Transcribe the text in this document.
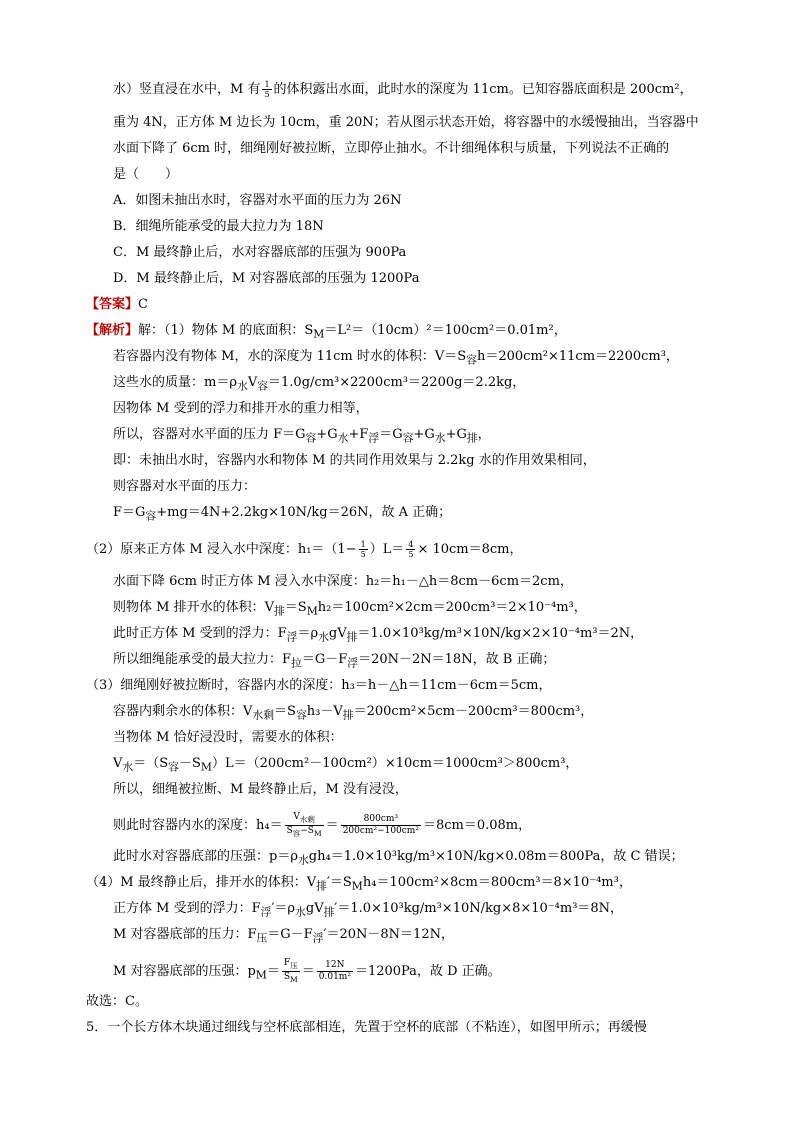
水）竖直浸在水中，M 有 $\frac{1}{5}$ 的体积露出水面，此时水的深度为 11cm。已知容器底面积是 200cm²，
重为 4N，正方体 M 边长为 10cm，重 20N；若从图示状态开始，将容器中的水缓慢抽出，当容器中
水面下降了 6cm 时，细绳刚好被拉断，立即停止抽水。不计细绳体积与质量，下列说法不正确的
是（　　）
A．如图未抽出水时，容器对水平面的压力为 26N
B．细绳所能承受的最大拉力为 18N
C．M 最终静止后，水对容器底部的压强为 900Pa
D．M 最终静止后，M 对容器底部的压强为 1200Pa
【答案】C
【解析】解：（1）物体 M 的底面积：$S_M=L^2=(10cm)^2=100cm^2=0.01m^2$，
若容器内没有物体 M，水的深度为 11cm 时水的体积：$V=S_容h=200cm^2\times 11cm=2200cm^3$，
这些水的质量：$m=\rho_水V_容=1.0g/cm^3\times 2200cm^3=2200g=2.2kg$，
因物体 M 受到的浮力和排开水的重力相等，
所以，容器对水平面的压力 $F=G_容+G_水+F_浮=G_容+G_水+G_排$，
即：未抽出水时，容器内水和物体 M 的共同作用效果与 2.2kg 水的作用效果相同，
则容器对水平面的压力：
$F=G_容+mg=4N+2.2kg\times 10N/kg=26N$，故 A 正确；
（2）原来正方体 M 浸入水中深度：$h_1=(1- \frac{1}{5} )L= \frac{4}{5} \times 10cm=8cm$，
水面下降 6cm 时正方体 M 浸入水中深度：h₂＝h₁－△h＝8cm－6cm＝2cm，
则物体 M 排开水的体积：$V_排=S_Mh_2=100cm^2\times 2cm=200cm^3=2\times 10^{-4}m^3$，
此时正方体 M 受到的浮力：$F_浮=\rho_水gV_排=1.0\times 10^3kg/m^3\times 10N/kg\times 2\times 10^{-4}m^3=2N$，
所以细绳能承受的最大拉力：$F_拉=G-F_浮=20N-2N=18N$，故 B 正确；
（3）细绳刚好被拉断时，容器内水的深度：h₃＝h－△h＝11cm－6cm＝5cm，
容器内剩余水的体积：$V_{水剩}=S_容h_3-V_排=200cm^2\times 5cm-200cm^3=800cm^3$，
当物体 M 恰好浸没时，需要水的体积：
$V_水=(S_容-S_M)L=(200cm^2-100cm^2)\times 10cm=1000cm^3>800cm^3$，
所以，细绳被拉断、M 最终静止后，M 没有浸没，
则此时容器内水的深度：$h_4= \frac{V_{水剩}}{S_容-S_M} = \frac{\text{800cm³}}{\text{200cm²−100cm²}} =8cm=0.08m$，
此时水对容器底部的压强：$p=\rho_水gh_4=1.0\times 10^3kg/m^3\times 10N/kg\times 0.08m=800Pa$，故 C 错误；
（4）M 最终静止后，排开水的体积：$V_排'=S_Mh_4=100cm^2\times 8cm=800cm^3=8\times 10^{-4}m^3$，
正方体 M 受到的浮力：$F_浮'=\rho_水gV_排'=1.0\times 10^3kg/m^3\times 10N/kg\times 8\times 10^{-4}m^3=8N$，
M 对容器底部的压力：$F_压=G-F_浮'=20N-8N=12N$，
M 对容器底部的压强：$p_M= \frac{F_压}{S_M} = \frac{12N}{\text{0.01m²}} =1200Pa$，故 D 正确。
故选：C。
5．一个长方体木块通过细线与空杯底部相连，先置于空杯的底部（不粘连），如图甲所示；再缓慢
